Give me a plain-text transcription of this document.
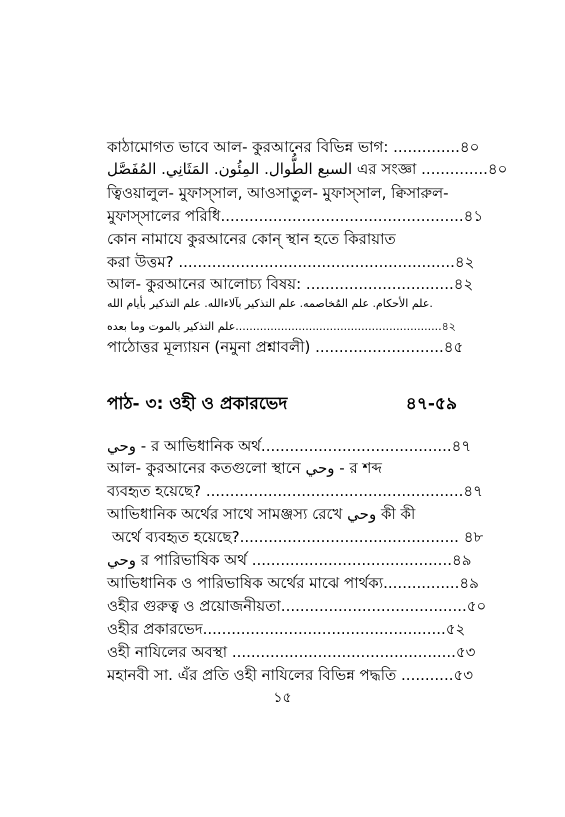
কাঠামোগত ভাবে আল- কুরআনের বিভিন্ন ভাগ: ..............৪০
السبع الطُّوال. المِئُون. المَثَانِي. المُفَصَّل এর সংজ্ঞা ..............৪০
ত্বিওয়ালুল- মুফাস্সাল, আওসাতুল- মুফাস্সাল, ক্বিসারুল-
মুফাস্সালের পরিধি...................................................৪১
কোন নামাযে কুরআনের কোন্‌ স্থান হতে কিরায়াত
করা উত্তম? ..........................................................৪২
আল- কুরআনের আলোচ্য বিষয়: ...............................৪২
علم الأحكام. علم المُخاصمه. علم التذكير بآلاءالله. علم التذكير بأيام الله.
علم التذكير بالموت وما بعده...........................................................৪২
পাঠোত্তর মূল্যায়ন (নমুনা প্রশ্নাবলী) ...........................৪৫
পাঠ- ৩: ওহী ও প্রকারভেদ	৪৭-৫৯
وحي - র আভিধানিক অর্থ........................................৪৭
আল- কুরআনের কতগুলো স্থানে وحي - র শব্দ
ব্যবহৃত হয়েছে? ......................................................৪৭
আভিধানিক অর্থের সাথে সামঞ্জস্য রেখে وحي কী কী
অর্থে ব্যবহৃত হয়েছে?.............................................. ৪৮
وحي র পারিভাষিক অর্থ ..........................................৪৯
আভিধানিক ও পারিভাষিক অর্থের মাঝে পার্থক্য................৪৯
ওহীর গুরুত্ব ও প্রয়োজনীয়তা.......................................৫০
ওহীর প্রকারভেদ...................................................৫২
ওহী নাযিলের অবস্থা ...............................................৫৩
মহানবী সা. এঁর প্রতি ওহী নাযিলের বিভিন্ন পদ্ধতি ...........৫৩
১৫
